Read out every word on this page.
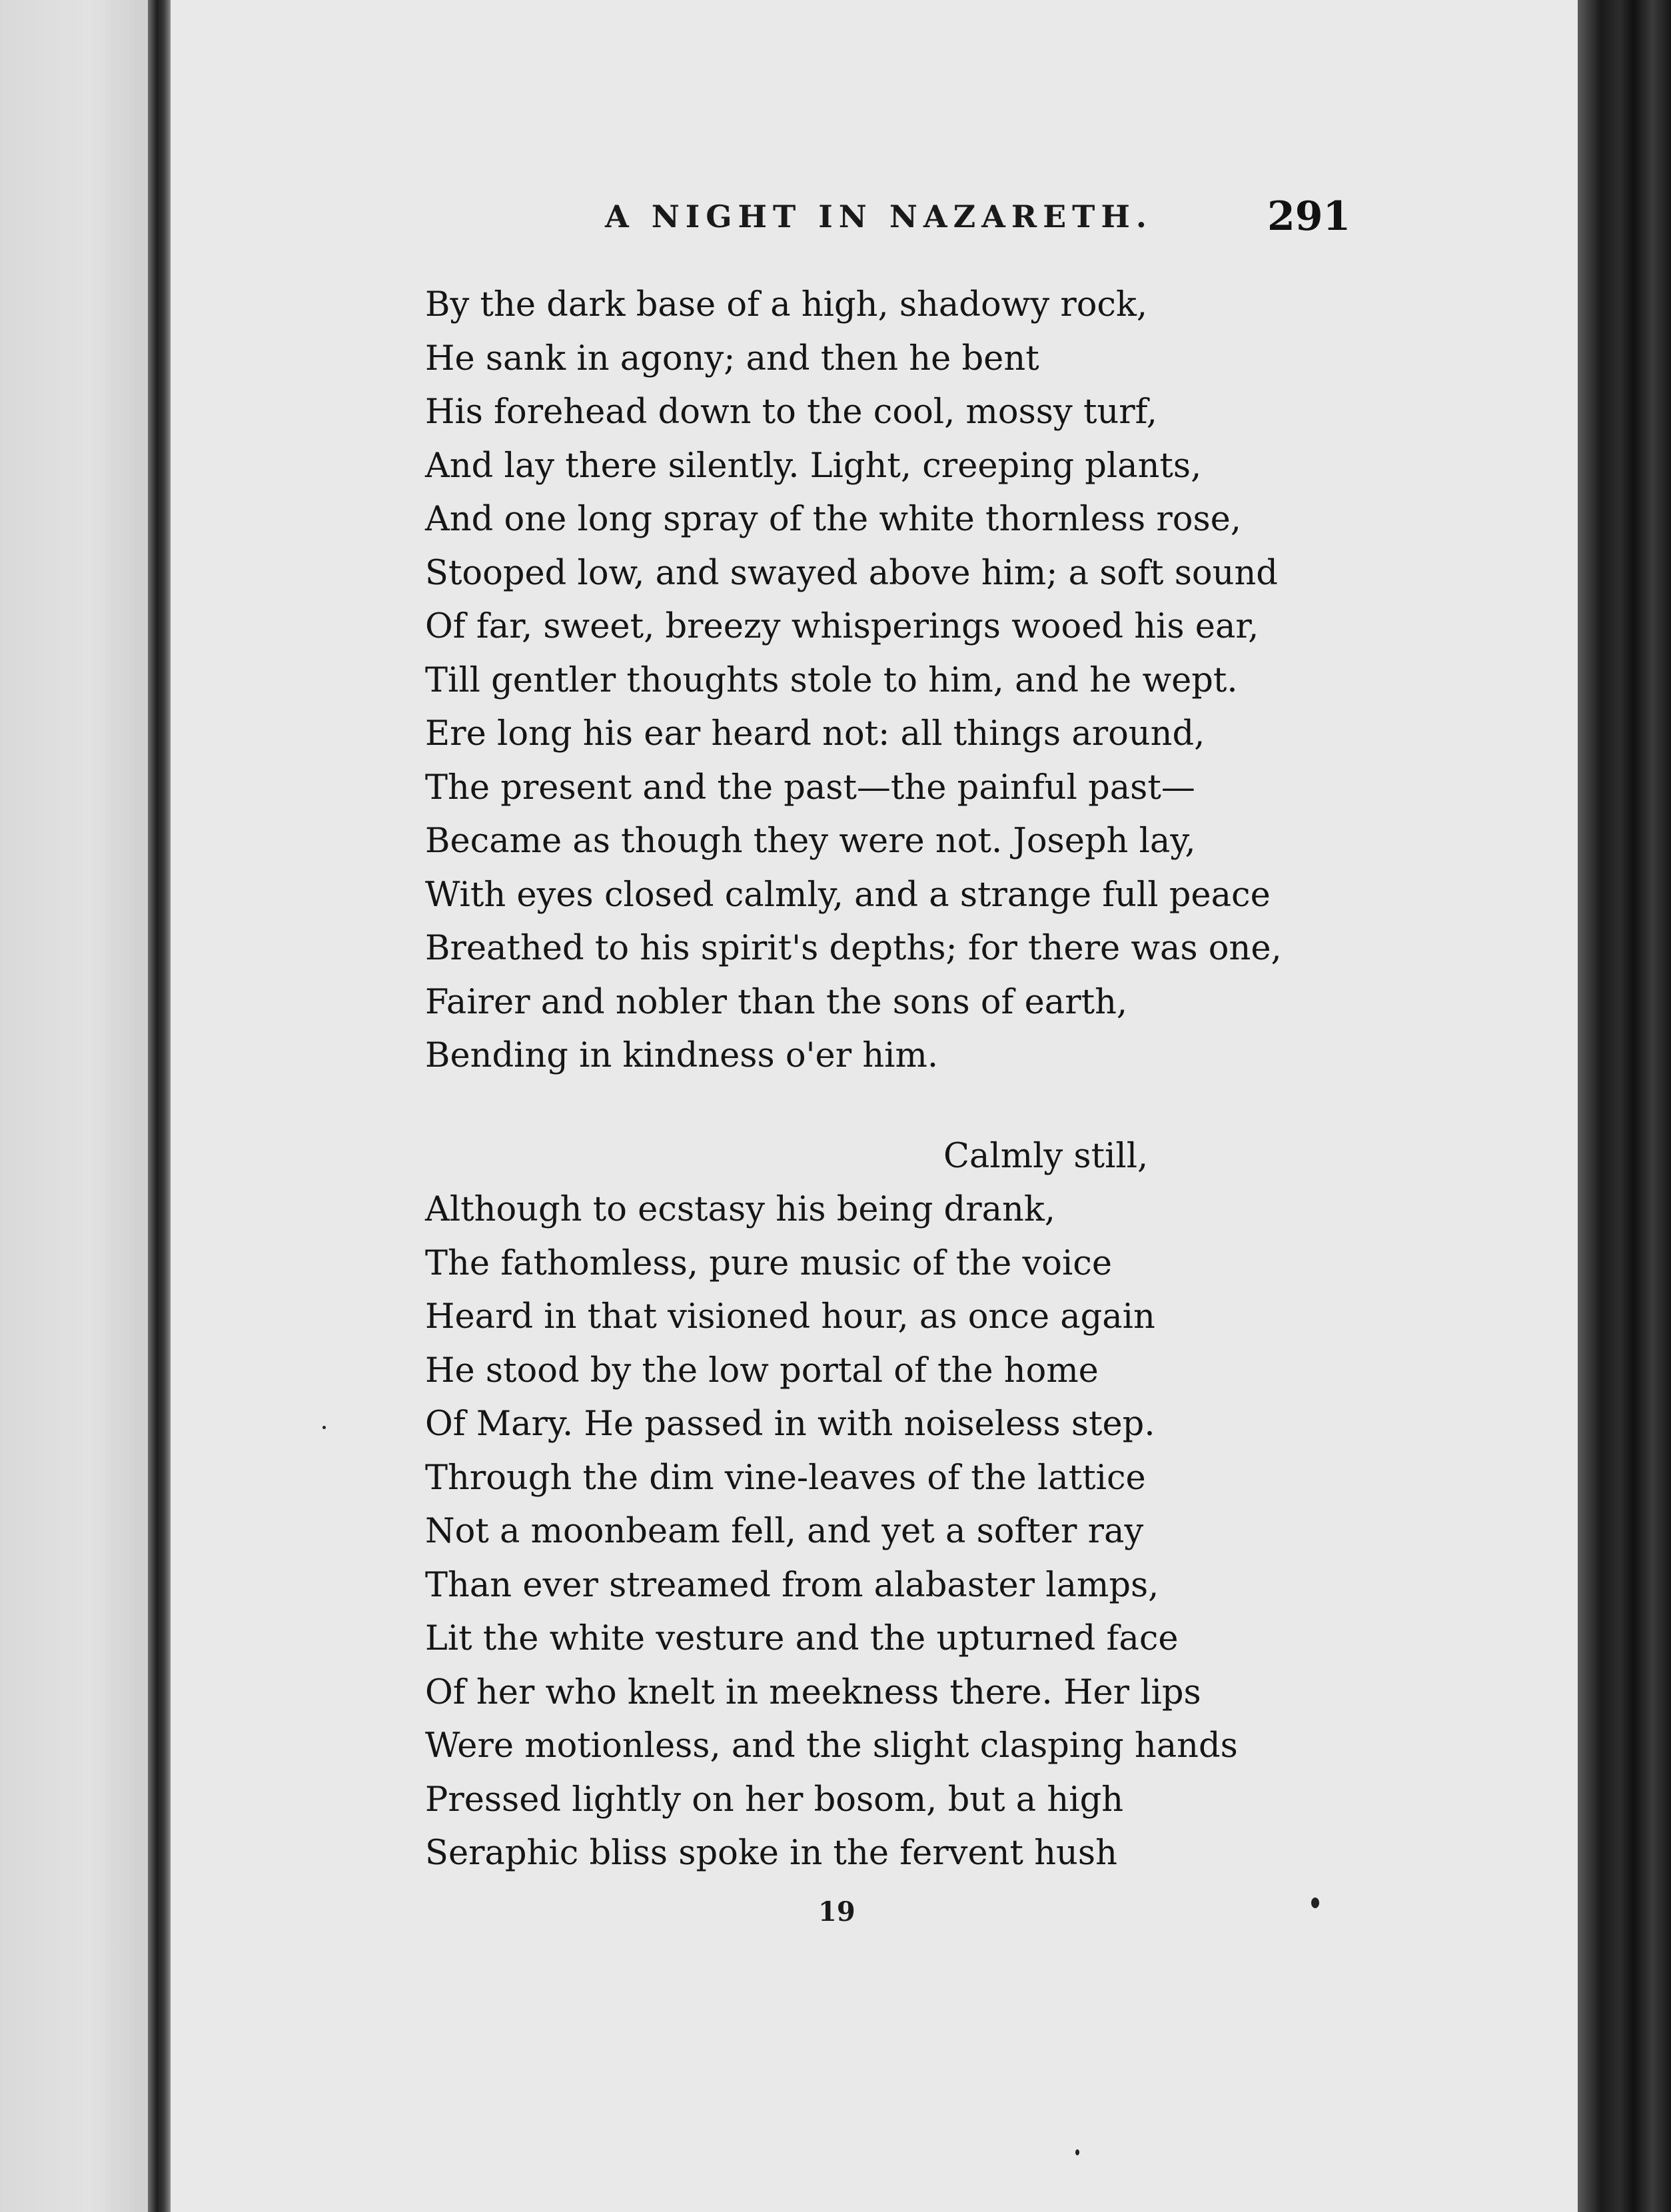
A NIGHT IN NAZARETH.	291
By the dark base of a high, shadowy rock,
He sank in agony; and then he bent
His forehead down to the cool, mossy turf,
And lay there silently. Light, creeping plants,
And one long spray of the white thornless rose,
Stooped low, and swayed above him; a soft sound
Of far, sweet, breezy whisperings wooed his ear,
Till gentler thoughts stole to him, and he wept.
Ere long his ear heard not: all things around,
The present and the past—the painful past—
Became as though they were not. Joseph lay,
With eyes closed calmly, and a strange full peace
Breathed to his spirit's depths; for there was one,
Fairer and nobler than the sons of earth,
Bending in kindness o'er him.
Calmly still,
Although to ecstasy his being drank,
The fathomless, pure music of the voice
Heard in that visioned hour, as once again
He stood by the low portal of the home
Of Mary. He passed in with noiseless step.
Through the dim vine-leaves of the lattice
Not a moonbeam fell, and yet a softer ray
Than ever streamed from alabaster lamps,
Lit the white vesture and the upturned face
Of her who knelt in meekness there. Her lips
Were motionless, and the slight clasping hands
Pressed lightly on her bosom, but a high
Seraphic bliss spoke in the fervent hush
19
